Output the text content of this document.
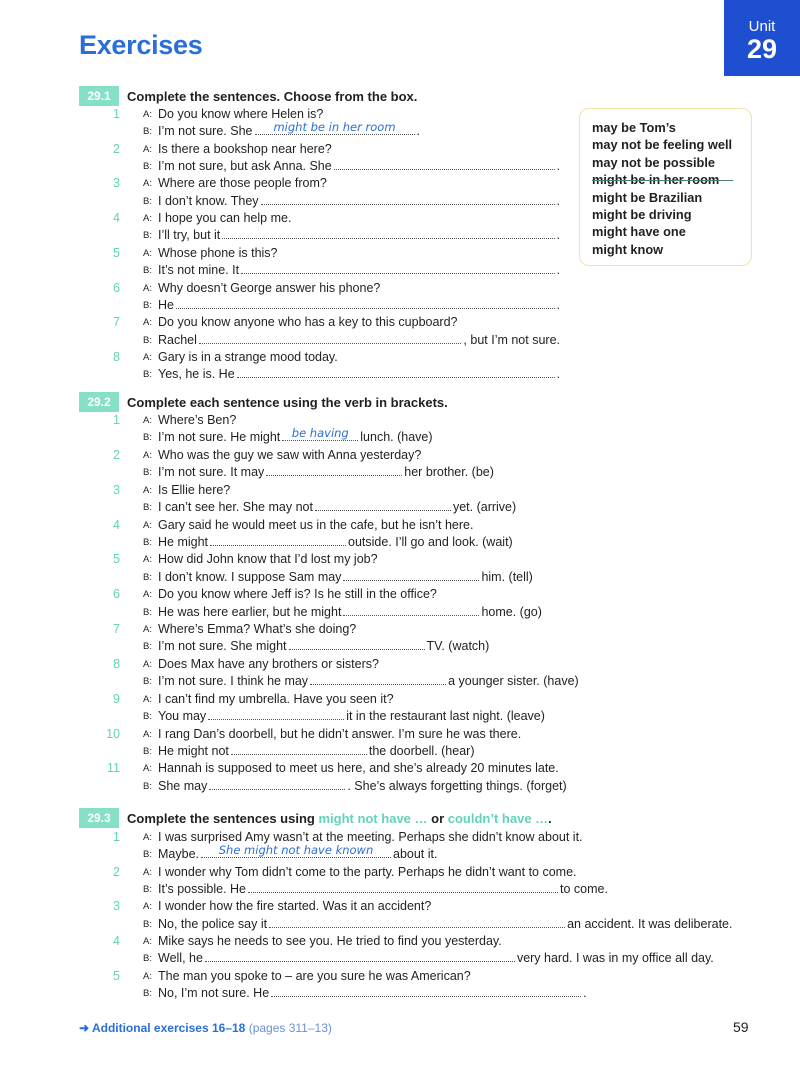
Exercises
Unit
29
29.1	Complete the sentences. Choose from the box.
1 A: Do you know where Helen is?
B: I’m not sure. She	might be in her room	.
2 A: Is there a bookshop near here?
B: I’m not sure, but ask Anna. She	.
3 A: Where are those people from?
B: I don’t know. They	.
4 A: I hope you can help me.
B: I’ll try, but it	.
5 A: Whose phone is this?
B: It’s not mine. It	.
6 A: Why doesn’t George answer his phone?
B: He	.
7 A: Do you know anyone who has a key to this cupboard?
B: Rachel	, but I’m not sure.
8 A: Gary is in a strange mood today.
B: Yes, he is. He	.
may be Tom’s
may not be feeling well
may not be possible
might be in her room
might be Brazilian
might be driving
might have one
might know
29.2	Complete each sentence using the verb in brackets.
1 A: Where’s Ben?
B: I’m not sure. He might	be having lunch. (have)
2 A: Who was the guy we saw with Anna yesterday?
B: I’m not sure. It may	her brother. (be)
3 A: Is Ellie here?
B: I can’t see her. She may not	yet. (arrive)
4 A: Gary said he would meet us in the cafe, but he isn’t here.
B: He might	outside. I’ll go and look. (wait)
5 A: How did John know that I’d lost my job?
B: I don’t know. I suppose Sam may	him. (tell)
6 A: Do you know where Jeff is? Is he still in the office?
B: He was here earlier, but he might	home. (go)
7 A: Where’s Emma? What’s she doing?
B: I’m not sure. She might	TV. (watch)
8 A: Does Max have any brothers or sisters?
B: I’m not sure. I think he may	a younger sister. (have)
9 A: I can’t find my umbrella. Have you seen it?
B: You may	it in the restaurant last night. (leave)
10 A: I rang Dan’s doorbell, but he didn’t answer. I’m sure he was there.
B: He might not	the doorbell. (hear)
11 A: Hannah is supposed to meet us here, and she’s already 20 minutes late.
B: She may	. She’s always forgetting things. (forget)
29.3	Complete the sentences using might not have … or couldn’t have ….
1 A: I was surprised Amy wasn’t at the meeting. Perhaps she didn’t know about it.
B: Maybe.	She might not have known	about it.
2 A: I wonder why Tom didn’t come to the party. Perhaps he didn’t want to come.
B: It’s possible. He	to come.
3 A: I wonder how the fire started. Was it an accident?
B: No, the police say it	an accident. It was deliberate.
4 A: Mike says he needs to see you. He tried to find you yesterday.
B: Well, he	very hard. I was in my office all day.
5 A: The man you spoke to – are you sure he was American?
B: No, I’m not sure. He	.
➜ Additional exercises 16–18 (pages 311–13)	59
